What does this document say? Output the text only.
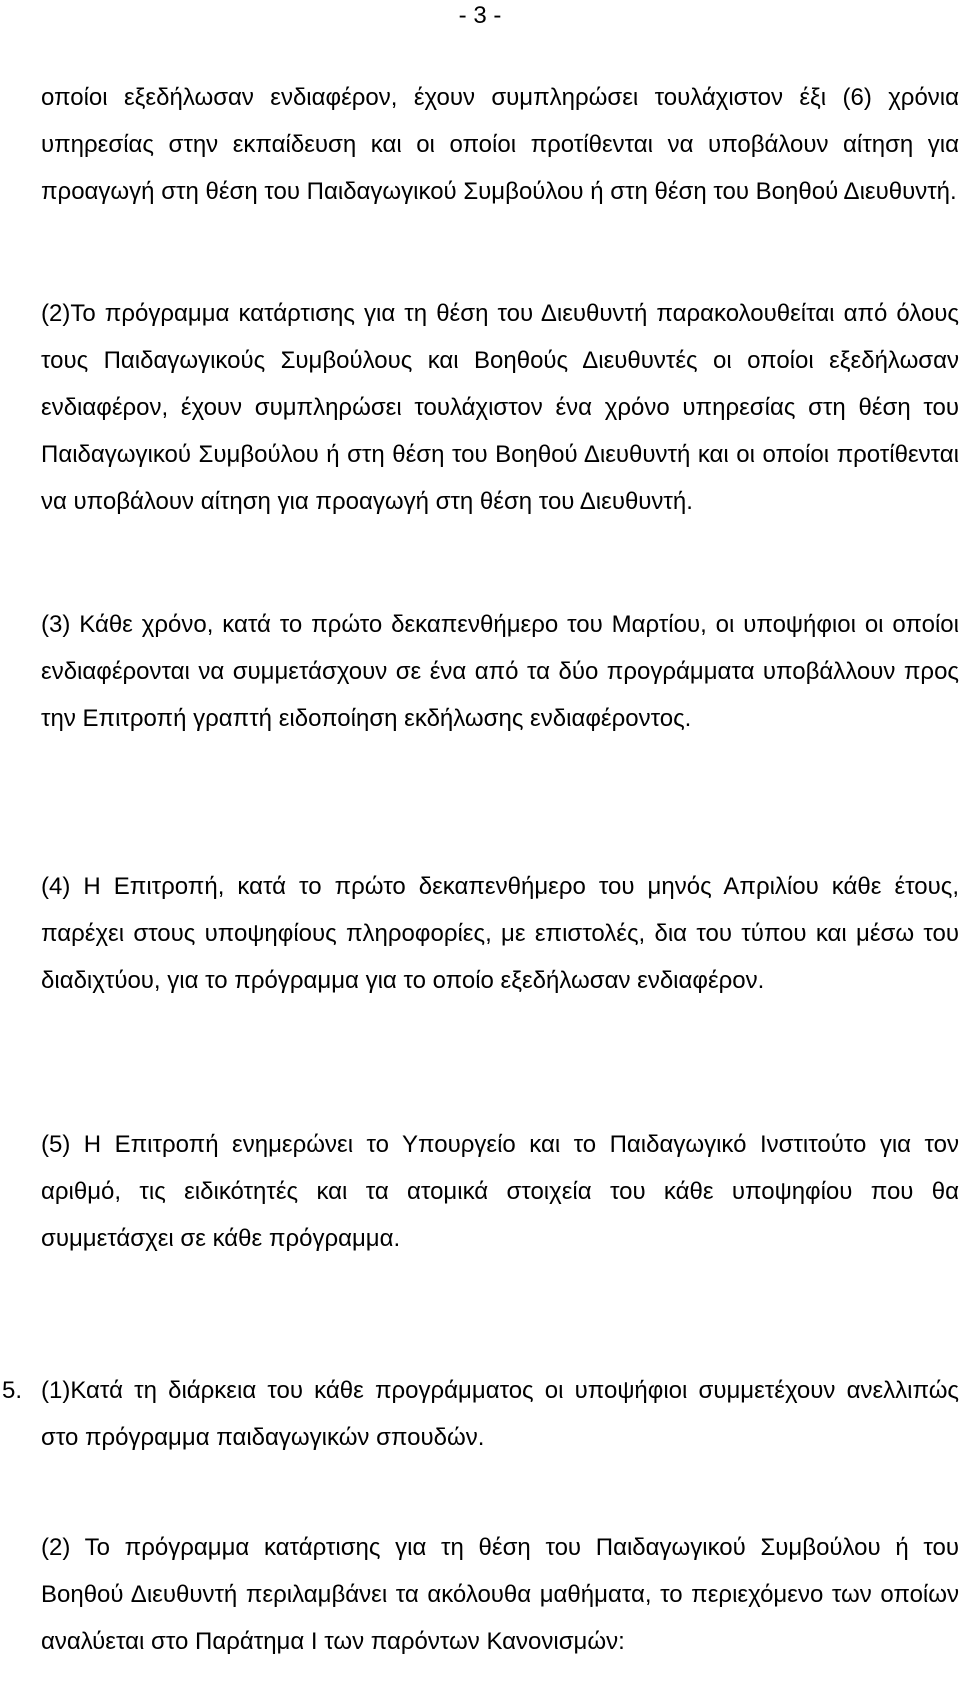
- 3 -

οποίοι εξεδήλωσαν ενδιαφέρον, έχουν συμπληρώσει τουλάχιστον έξι (6) χρόνια υπηρεσίας στην εκπαίδευση και οι οποίοι προτίθενται να υποβάλουν αίτηση για προαγωγή στη θέση του Παιδαγωγικού Συμβούλου ή στη θέση του Βοηθού Διευθυντή.

(2)Το πρόγραμμα κατάρτισης για τη θέση του Διευθυντή παρακολουθείται από όλους τους Παιδαγωγικούς Συμβούλους και Βοηθούς Διευθυντές οι οποίοι εξεδήλωσαν ενδιαφέρον, έχουν συμπληρώσει τουλάχιστον ένα χρόνο υπηρεσίας στη θέση του Παιδαγωγικού Συμβούλου ή στη θέση του Βοηθού Διευθυντή και οι οποίοι προτίθενται να υποβάλουν αίτηση για προαγωγή στη θέση του Διευθυντή.

(3) Κάθε χρόνο, κατά το πρώτο δεκαπενθήμερο του Μαρτίου, οι υποψήφιοι οι οποίοι ενδιαφέρονται να συμμετάσχουν σε ένα από τα δύο προγράμματα υποβάλλουν προς την Επιτροπή γραπτή ειδοποίηση εκδήλωσης ενδιαφέροντος.

(4) Η Επιτροπή, κατά το πρώτο δεκαπενθήμερο του μηνός Απριλίου κάθε έτους, παρέχει στους υποψηφίους πληροφορίες, με επιστολές, δια του τύπου και μέσω του διαδιχτύου, για το πρόγραμμα για το οποίο εξεδήλωσαν ενδιαφέρον.

(5) Η Επιτροπή ενημερώνει το Υπουργείο και το Παιδαγωγικό Ινστιτούτο για τον αριθμό, τις ειδικότητές και τα ατομικά στοιχεία του κάθε υποψηφίου που θα συμμετάσχει σε κάθε πρόγραμμα.

5. (1)Κατά τη διάρκεια του κάθε προγράμματος οι υποψήφιοι συμμετέχουν ανελλιπώς στο πρόγραμμα παιδαγωγικών σπουδών.

(2) Το πρόγραμμα κατάρτισης για τη θέση του Παιδαγωγικού Συμβούλου ή του Βοηθού Διευθυντή περιλαμβάνει τα ακόλουθα μαθήματα, το περιεχόμενο των οποίων αναλύεται στο Παράτημα Ι των παρόντων Κανονισμών:
